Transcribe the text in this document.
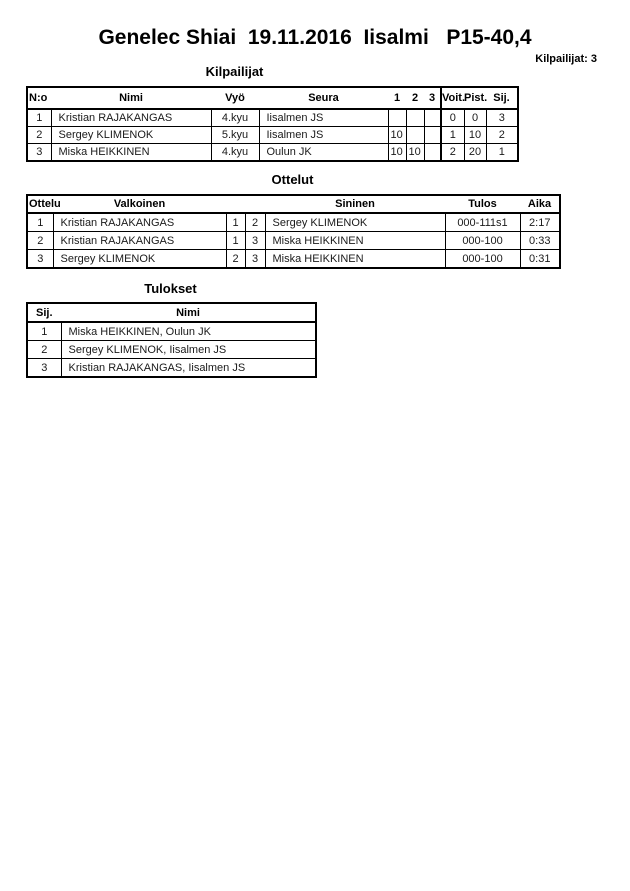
Genelec Shiai  19.11.2016  Iisalmi   P15-40,4
Kilpailijat: 3
Kilpailijat
N:o	Nimi	Vyö	Seura	1	2	3	Voit.	Pist.	Sij.
1	Kristian RAJAKANGAS	4.kyu	Iisalmen JS				0	0	3
2	Sergey KLIMENOK	5.kyu	Iisalmen JS	10			1	10	2
3	Miska HEIKKINEN	4.kyu	Oulun JK	10	10		2	20	1
Ottelut
Ottelu	Valkoinen			Sininen	Tulos	Aika
1	Kristian RAJAKANGAS	1	2	Sergey KLIMENOK	000-111s1	2:17
2	Kristian RAJAKANGAS	1	3	Miska HEIKKINEN	000-100	0:33
3	Sergey KLIMENOK	2	3	Miska HEIKKINEN	000-100	0:31
Tulokset
Sij.	Nimi
1	Miska HEIKKINEN, Oulun JK
2	Sergey KLIMENOK, Iisalmen JS
3	Kristian RAJAKANGAS, Iisalmen JS
